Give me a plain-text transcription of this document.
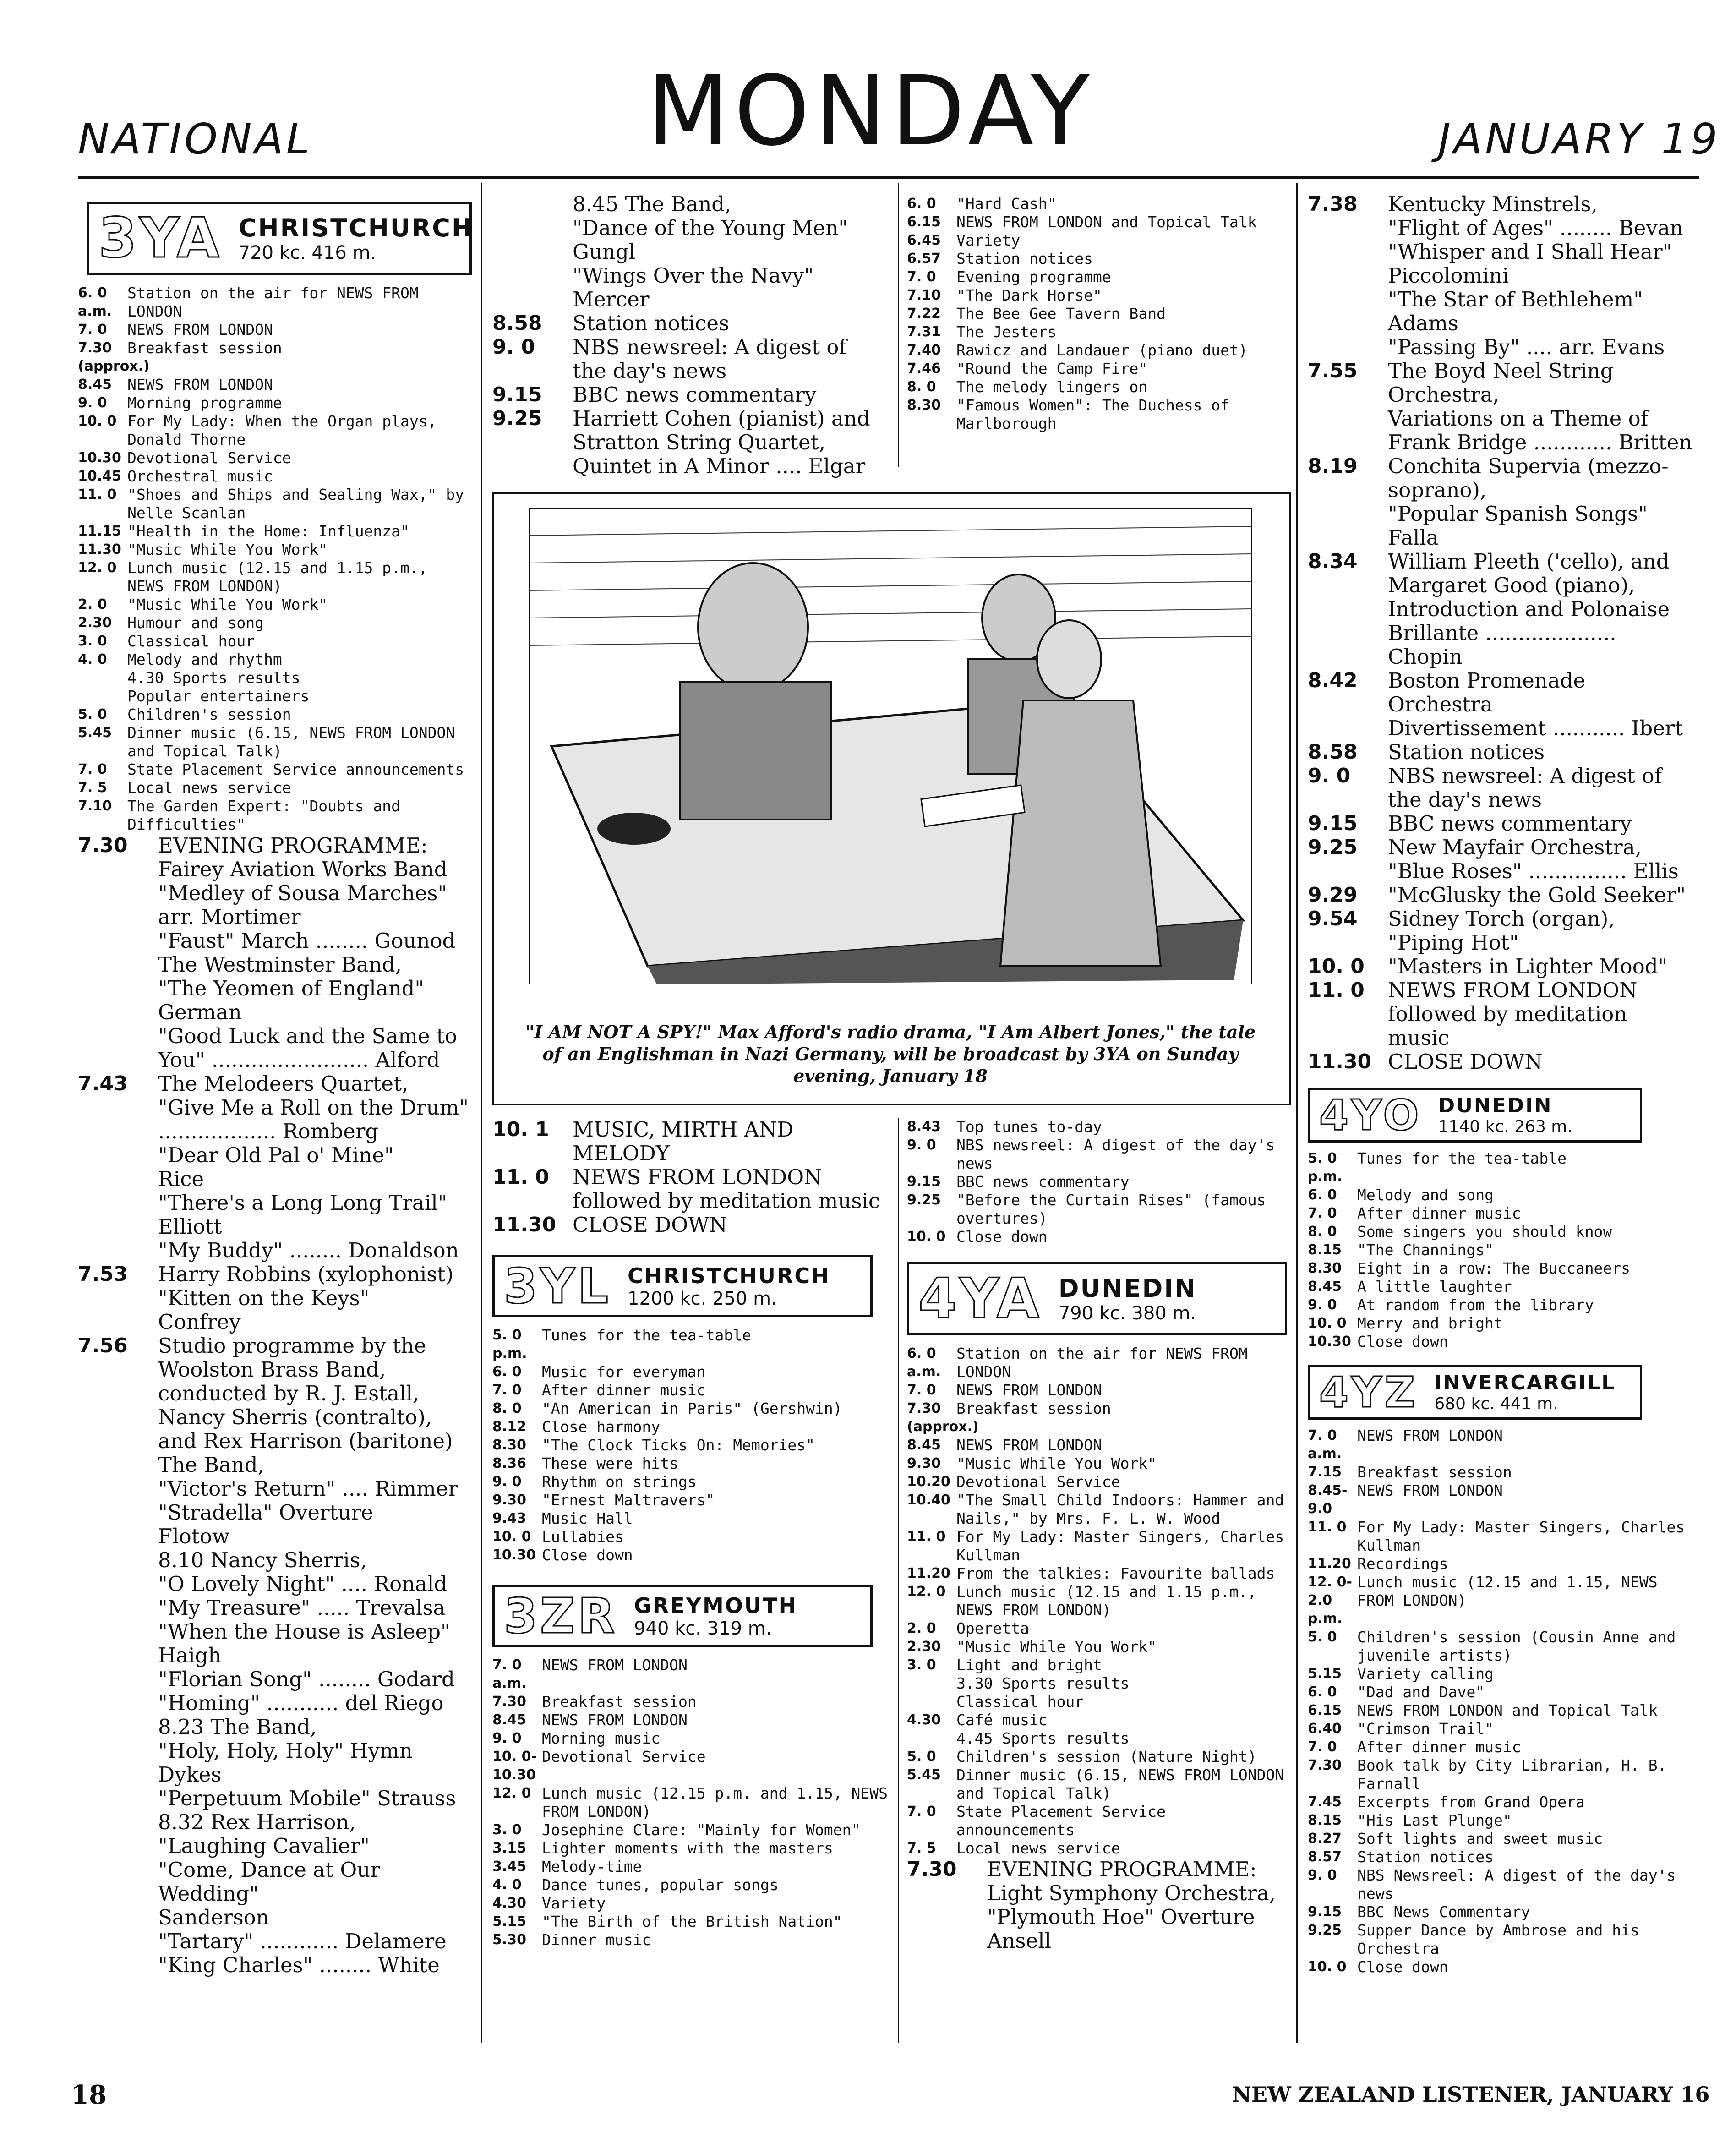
NATIONAL	MONDAY	JANUARY 19
3YA CHRISTCHURCH
720 kc. 416 m.
6. 0 a.m.
Station on the air for NEWS FROM LONDON
7. 0	NEWS FROM LONDON
7.30 (approx.)
Breakfast session
8.45	NEWS FROM LONDON
9. 0	Morning programme
10. 0 For My Lady: When the Organ plays, Donald Thorne
10.30 Devotional Service
10.45 Orchestral music
11. 0 "Shoes and Ships and Sealing Wax," by Nelle Scanlan
11.15 "Health in the Home: Influenza"
11.30 "Music While You Work"
12. 0 Lunch music (12.15 and 1.15 p.m., NEWS FROM LONDON)
2. 0	"Music While You Work"
2.30	Humour and song
3. 0	Classical hour
4. 0	Melody and rhythm
4.30 Sports results
Popular entertainers
5. 0	Children's session
5.45	Dinner music (6.15, NEWS FROM LONDON and Topical Talk)
7. 0	State Placement Service announcements
7. 5	Local news service
7.10	The Garden Expert: "Doubts and Difficulties"
7.30	EVENING PROGRAMME:
Fairey Aviation Works Band
"Medley of Sousa Marches"
arr. Mortimer
"Faust" March ........ Gounod
The Westminster Band,
"The Yeomen of England"
German
"Good Luck and the Same to You" ........................ Alford
7.43	The Melodeers Quartet,
"Give Me a Roll on the Drum" .................. Romberg
"Dear Old Pal o' Mine"
Rice
"There's a Long Long Trail"
Elliott
"My Buddy" ........ Donaldson
7.53	Harry Robbins (xylophonist)
"Kitten on the Keys"
Confrey
7.56	Studio programme by the Woolston Brass Band, conducted by R. J. Estall, Nancy Sherris (contralto), and Rex Harrison (baritone)
The Band,
"Victor's Return" .... Rimmer
"Stradella" Overture
Flotow
8.10 Nancy Sherris,
"O Lovely Night" .... Ronald
"My Treasure" ..... Trevalsa
"When the House is Asleep"
Haigh
"Florian Song" ........ Godard
"Homing" ........... del Riego
8.23 The Band,
"Holy, Holy, Holy" Hymn
Dykes
"Perpetuum Mobile" Strauss
8.32 Rex Harrison,
"Laughing Cavalier"
"Come, Dance at Our Wedding"
Sanderson
"Tartary" ............ Delamere
"King Charles" ........ White
8.45 The Band,
"Dance of the Young Men"
Gungl
"Wings Over the Navy"
Mercer
8.58	Station notices
9. 0	NBS newsreel: A digest of the day's news
9.15	BBC news commentary
9.25	Harriett Cohen (pianist) and Stratton String Quartet, Quintet in A Minor .... Elgar
6. 0	"Hard Cash"
6.15	NEWS FROM LONDON and Topical Talk
6.45	Variety
6.57	Station notices
7. 0	Evening programme
7.10	"The Dark Horse"
7.22	The Bee Gee Tavern Band
7.31	The Jesters
7.40	Rawicz and Landauer (piano duet)
7.46	"Round the Camp Fire"
8. 0	The melody lingers on
8.30	"Famous Women": The Duchess of Marlborough
"I AM NOT A SPY!" Max Afford's radio drama, "I Am Albert Jones," the tale of an Englishman in Nazi Germany, will be broadcast by 3YA on Sunday evening, January 18
10. 1	MUSIC, MIRTH AND MELODY
11. 0	NEWS FROM LONDON followed by meditation music
11.30 CLOSE DOWN
3YL CHRISTCHURCH
1200 kc. 250 m.
5. 0 p.m.
Tunes for the tea-table
6. 0	Music for everyman
7. 0	After dinner music
8. 0	"An American in Paris" (Gershwin)
8.12	Close harmony
8.30	"The Clock Ticks On: Memories"
8.36	These were hits
9. 0	Rhythm on strings
9.30	"Ernest Maltravers"
9.43	Music Hall
10. 0 Lullabies
10.30 Close down
3ZR GREYMOUTH
940 kc. 319 m.
7. 0 a.m.
NEWS FROM LONDON
7.30	Breakfast session
8.45	NEWS FROM LONDON
9. 0	Morning music
10. 0-10.30
Devotional Service
12. 0 Lunch music (12.15 p.m. and 1.15, NEWS FROM LONDON)
3. 0	Josephine Clare: "Mainly for Women"
3.15	Lighter moments with the masters
3.45	Melody-time
4. 0	Dance tunes, popular songs
4.30	Variety
5.15	"The Birth of the British Nation"
5.30	Dinner music
8.43	Top tunes to-day
9. 0	NBS newsreel: A digest of the day's news
9.15	BBC news commentary
9.25	"Before the Curtain Rises" (famous overtures)
10. 0 Close down
4YA DUNEDIN
790 kc. 380 m.
6. 0 a.m.
Station on the air for NEWS FROM LONDON
7. 0	NEWS FROM LONDON
7.30 (approx.)
Breakfast session
8.45	NEWS FROM LONDON
9.30	"Music While You Work"
10.20 Devotional Service
10.40 "The Small Child Indoors: Hammer and Nails," by Mrs. F. L. W. Wood
11. 0 For My Lady: Master Singers, Charles Kullman
11.20 From the talkies: Favourite ballads
12. 0 Lunch music (12.15 and 1.15 p.m., NEWS FROM LONDON)
2. 0	Operetta
2.30	"Music While You Work"
3. 0	Light and bright
3.30 Sports results
Classical hour
4.30	Café music
4.45 Sports results
5. 0	Children's session (Nature Night)
5.45	Dinner music (6.15, NEWS FROM LONDON and Topical Talk)
7. 0	State Placement Service announcements
7. 5	Local news service
7.30	EVENING PROGRAMME:
Light Symphony Orchestra,
"Plymouth Hoe" Overture
Ansell
7.38	Kentucky Minstrels,
"Flight of Ages" ........ Bevan
"Whisper and I Shall Hear"
Piccolomini
"The Star of Bethlehem"
Adams
"Passing By" .... arr. Evans
7.55	The Boyd Neel String Orchestra,
Variations on a Theme of Frank Bridge ............ Britten
8.19	Conchita Supervia (mezzo-soprano),
"Popular Spanish Songs"
Falla
8.34	William Pleeth ('cello), and Margaret Good (piano), Introduction and Polonaise Brillante .................... Chopin
8.42	Boston Promenade Orchestra
Divertissement ........... Ibert
8.58	Station notices
9. 0	NBS newsreel: A digest of the day's news
9.15	BBC news commentary
9.25	New Mayfair Orchestra,
"Blue Roses" ............... Ellis
9.29	"McGlusky the Gold Seeker"
9.54	Sidney Torch (organ),
"Piping Hot"
10. 0	"Masters in Lighter Mood"
11. 0	NEWS FROM LONDON followed by meditation music
11.30 CLOSE DOWN
4YO DUNEDIN
1140 kc. 263 m.
5. 0 p.m.
Tunes for the tea-table
6. 0	Melody and song
7. 0	After dinner music
8. 0	Some singers you should know
8.15	"The Channings"
8.30	Eight in a row: The Buccaneers
8.45	A little laughter
9. 0	At random from the library
10. 0 Merry and bright
10.30 Close down
4YZ INVERCARGILL
680 kc. 441 m.
7. 0 a.m.
NEWS FROM LONDON
7.15	Breakfast session
8.45-9.0
NEWS FROM LONDON
11. 0 For My Lady: Master Singers, Charles Kullman
11.20 Recordings
12. 0-2.0 p.m.
Lunch music (12.15 and 1.15, NEWS FROM LONDON)
5. 0	Children's session (Cousin Anne and juvenile artists)
5.15	Variety calling
6. 0	"Dad and Dave"
6.15	NEWS FROM LONDON and Topical Talk
6.40	"Crimson Trail"
7. 0	After dinner music
7.30	Book talk by City Librarian, H. B. Farnall
7.45	Excerpts from Grand Opera
8.15	"His Last Plunge"
8.27	Soft lights and sweet music
8.57	Station notices
9. 0	NBS Newsreel: A digest of the day's news
9.15	BBC News Commentary
9.25	Supper Dance by Ambrose and his Orchestra
10. 0 Close down
18	NEW ZEALAND LISTENER, JANUARY 16
